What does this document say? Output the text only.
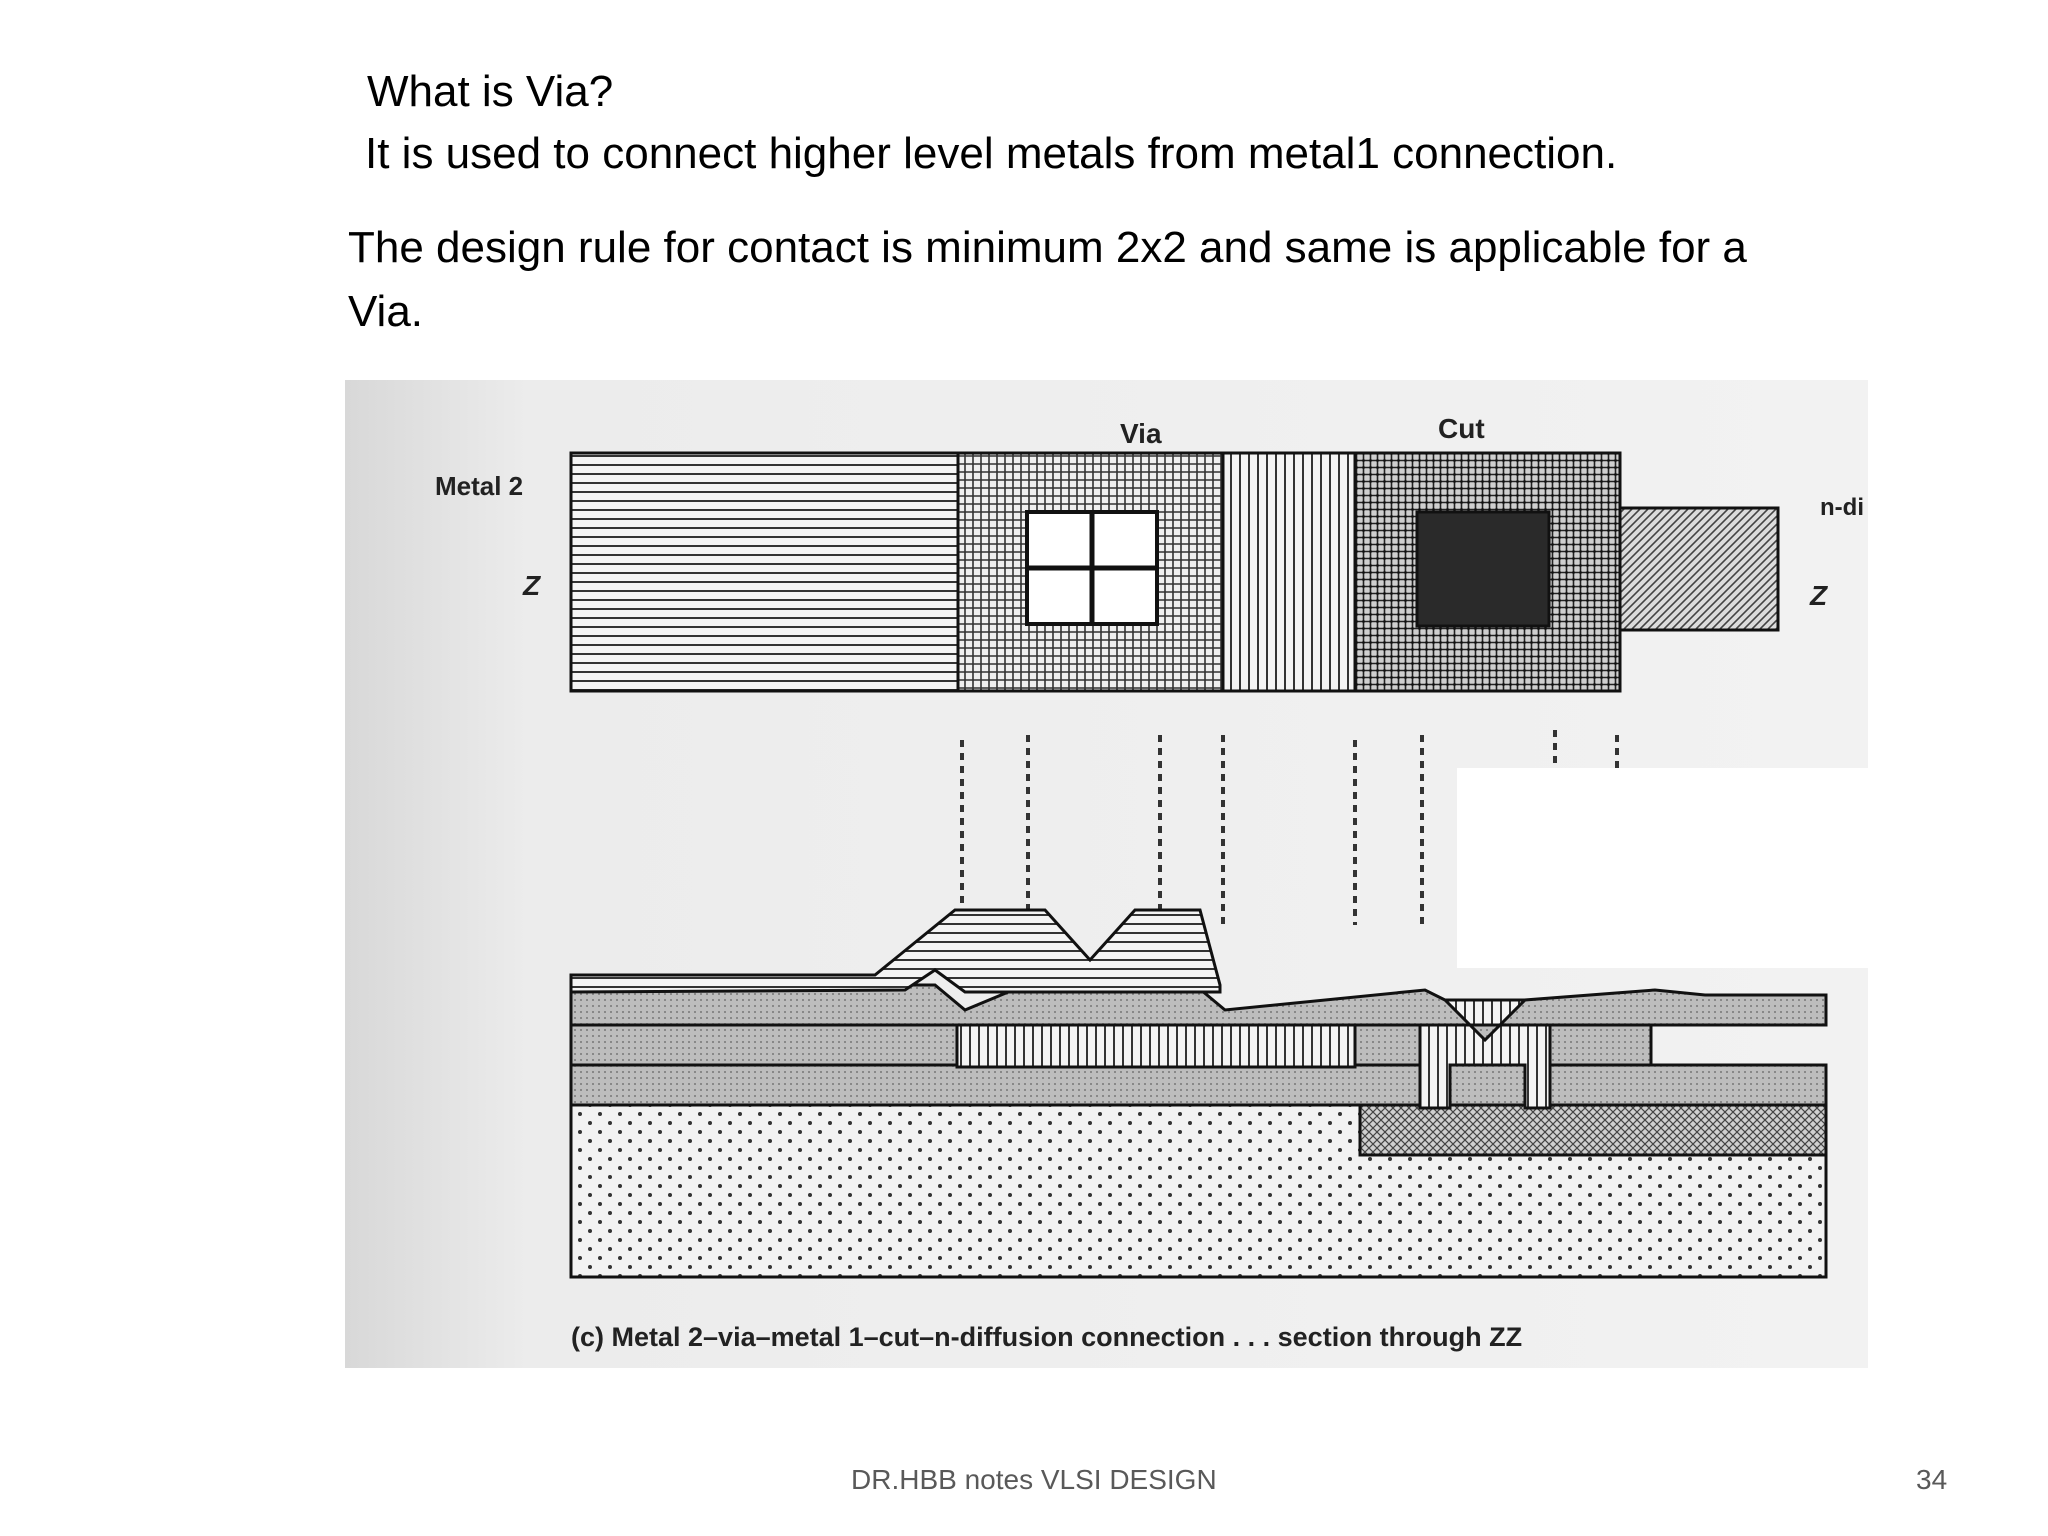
What is Via?
It is used to connect higher level metals from metal1 connection.
The design rule for contact is minimum 2x2 and same is applicable for a
Via.
Via	Cut
Metal 2
Z	Z
n-di
(c) Metal 2–via–metal 1–cut–n-diffusion connection . . . section through ZZ
DR.HBB notes VLSI DESIGN	34
